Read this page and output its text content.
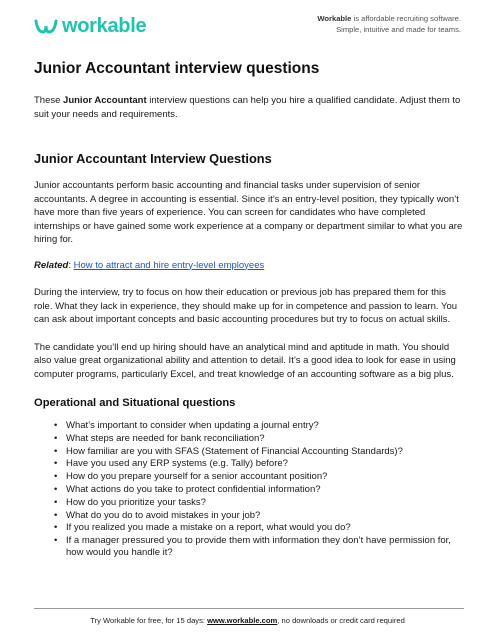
workable	Workable is affordable recruiting software.
Simple, intuitive and made for teams.
Junior Accountant interview questions

These Junior Accountant interview questions can help you hire a qualified candidate. Adjust them to suit your needs and requirements.

Junior Accountant Interview Questions

Junior accountants perform basic accounting and financial tasks under supervision of senior accountants. A degree in accounting is essential. Since it’s an entry-level position, they typically won’t have more than five years of experience. You can screen for candidates who have completed internships or have gained some work experience at a company or department similar to what you are hiring for.

Related: How to attract and hire entry-level employees

During the interview, try to focus on how their education or previous job has prepared them for this role. What they lack in experience, they should make up for in competence and passion to learn. You can ask about important concepts and basic accounting procedures but try to focus on actual skills.

The candidate you’ll end up hiring should have an analytical mind and aptitude in math. You should also value great organizational ability and attention to detail. It’s a good idea to look for ease in using computer programs, particularly Excel, and treat knowledge of an accounting software as a big plus.

Operational and Situational questions
• What’s important to consider when updating a journal entry?
• What steps are needed for bank reconciliation?
• How familiar are you with SFAS (Statement of Financial Accounting Standards)?
• Have you used any ERP systems (e.g. Tally) before?
• How do you prepare yourself for a senior accountant position?
• What actions do you take to protect confidential information?
• How do you prioritize your tasks?
• What do you do to avoid mistakes in your job?
• If you realized you made a mistake on a report, what would you do?
• If a manager pressured you to provide them with information they don’t have permission for, how would you handle it?
Try Workable for free, for 15 days: www.workable.com, no downloads or credit card required
